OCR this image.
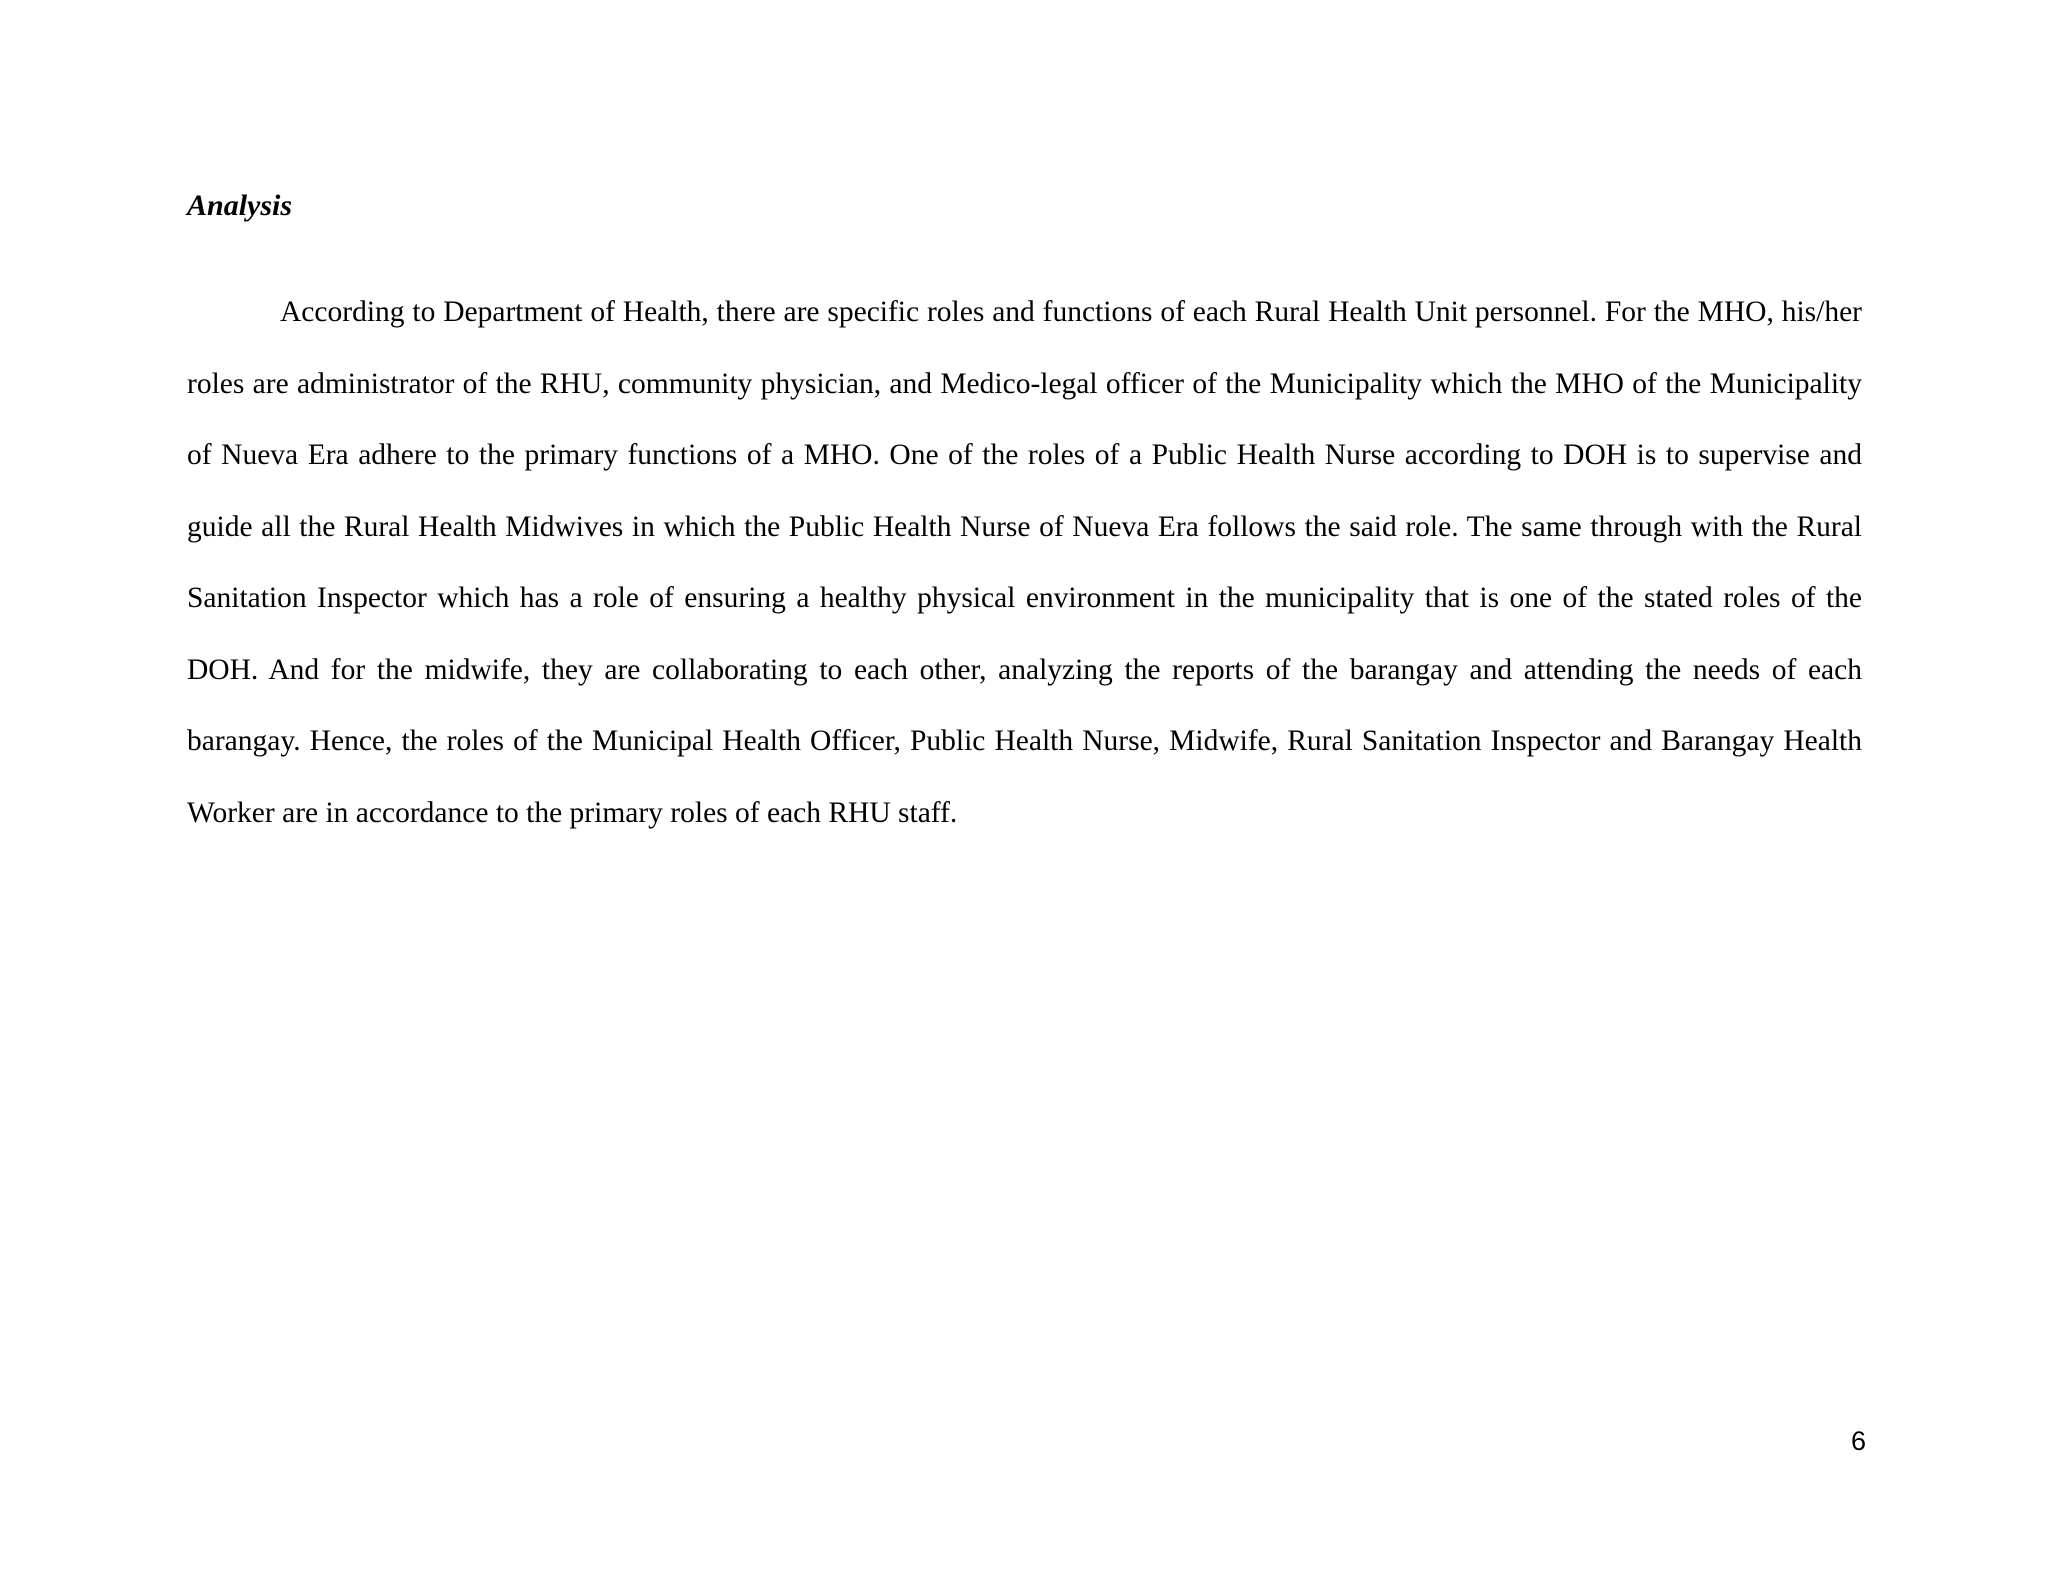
Analysis

According to Department of Health, there are specific roles and functions of each Rural Health Unit personnel. For the MHO, his/her roles are administrator of the RHU, community physician, and Medico-legal officer of the Municipality which the MHO of the Municipality of Nueva Era adhere to the primary functions of a MHO. One of the roles of a Public Health Nurse according to DOH is to supervise and guide all the Rural Health Midwives in which the Public Health Nurse of Nueva Era follows the said role. The same through with the Rural Sanitation Inspector which has a role of ensuring a healthy physical environment in the municipality that is one of the stated roles of the DOH. And for the midwife, they are collaborating to each other, analyzing the reports of the barangay and attending the needs of each barangay. Hence, the roles of the Municipal Health Officer, Public Health Nurse, Midwife, Rural Sanitation Inspector and Barangay Health Worker are in accordance to the primary roles of each RHU staff.

6
